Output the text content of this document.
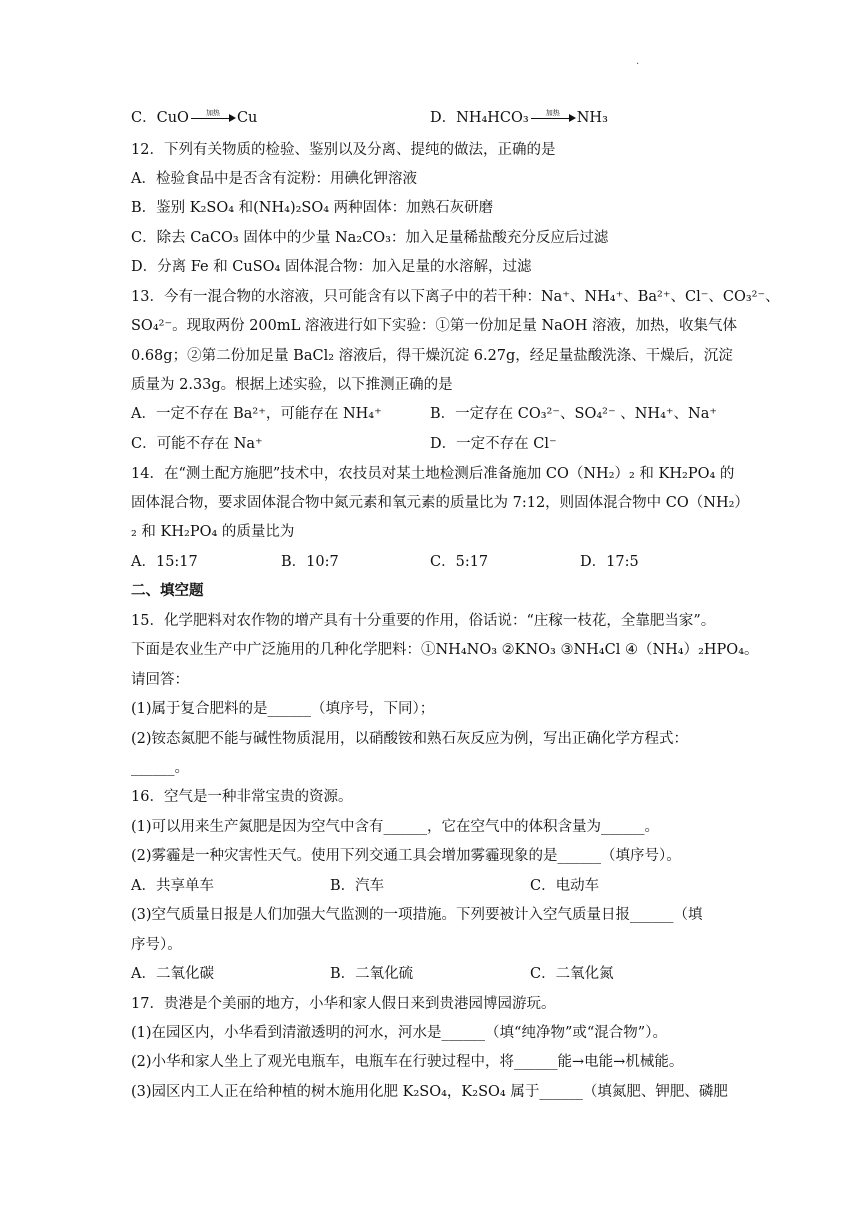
.
C．CuO	加热	Cu	D．NH₄HCO₃	加热	NH₃
12．下列有关物质的检验、鉴别以及分离、提纯的做法，正确的是
A．检验食品中是否含有淀粉：用碘化钾溶液
B．鉴别 K₂SO₄ 和(NH₄)₂SO₄ 两种固体：加熟石灰研磨
C．除去 CaCO₃ 固体中的少量 Na₂CO₃：加入足量稀盐酸充分反应后过滤
D．分离 Fe 和 CuSO₄ 固体混合物：加入足量的水溶解，过滤
13．今有一混合物的水溶液，只可能含有以下离子中的若干种：Na⁺、NH₄⁺、Ba²⁺、Cl⁻、CO₃²⁻、
SO₄²⁻。现取两份 200mL 溶液进行如下实验：①第一份加足量 NaOH 溶液，加热，收集气体
0.68g；②第二份加足量 BaCl₂ 溶液后，得干燥沉淀 6.27g，经足量盐酸洗涤、干燥后，沉淀
质量为 2.33g。根据上述实验，以下推测正确的是
A．一定不存在 Ba²⁺，可能存在 NH₄⁺	B．一定存在 CO₃²⁻、SO₄²⁻ 、NH₄⁺、Na⁺
C．可能不存在 Na⁺	D．一定不存在 Cl⁻
14．在“测土配方施肥”技术中，农技员对某土地检测后准备施加 CO（NH₂）₂ 和 KH₂PO₄ 的
固体混合物，要求固体混合物中氮元素和氧元素的质量比为 7:12，则固体混合物中 CO（NH₂）
₂ 和 KH₂PO₄ 的质量比为
A．15:17	B．10:7	C．5:17	D．17:5
二、填空题
15．化学肥料对农作物的增产具有十分重要的作用，俗话说：“庄稼一枝花，全靠肥当家”。
下面是农业生产中广泛施用的几种化学肥料：①NH₄NO₃ ②KNO₃ ③NH₄Cl ④（NH₄）₂HPO₄。
请回答：
(1)属于复合肥料的是______（填序号，下同）；
(2)铵态氮肥不能与碱性物质混用，以硝酸铵和熟石灰反应为例，写出正确化学方程式：
______。
16．空气是一种非常宝贵的资源。
(1)可以用来生产氮肥是因为空气中含有______，它在空气中的体积含量为______。
(2)雾霾是一种灾害性天气。使用下列交通工具会增加雾霾现象的是______（填序号）。
A．共享单车	B．汽车	C．电动车
(3)空气质量日报是人们加强大气监测的一项措施。下列要被计入空气质量日报______（填
序号）。
A．二氧化碳	B．二氧化硫	C．二氧化氮
17．贵港是个美丽的地方，小华和家人假日来到贵港园博园游玩。
(1)在园区内，小华看到清澈透明的河水，河水是______（填“纯净物”或“混合物”）。
(2)小华和家人坐上了观光电瓶车，电瓶车在行驶过程中，将______能→电能→机械能。
(3)园区内工人正在给种植的树木施用化肥 K₂SO₄，K₂SO₄ 属于______（填氮肥、钾肥、磷肥
